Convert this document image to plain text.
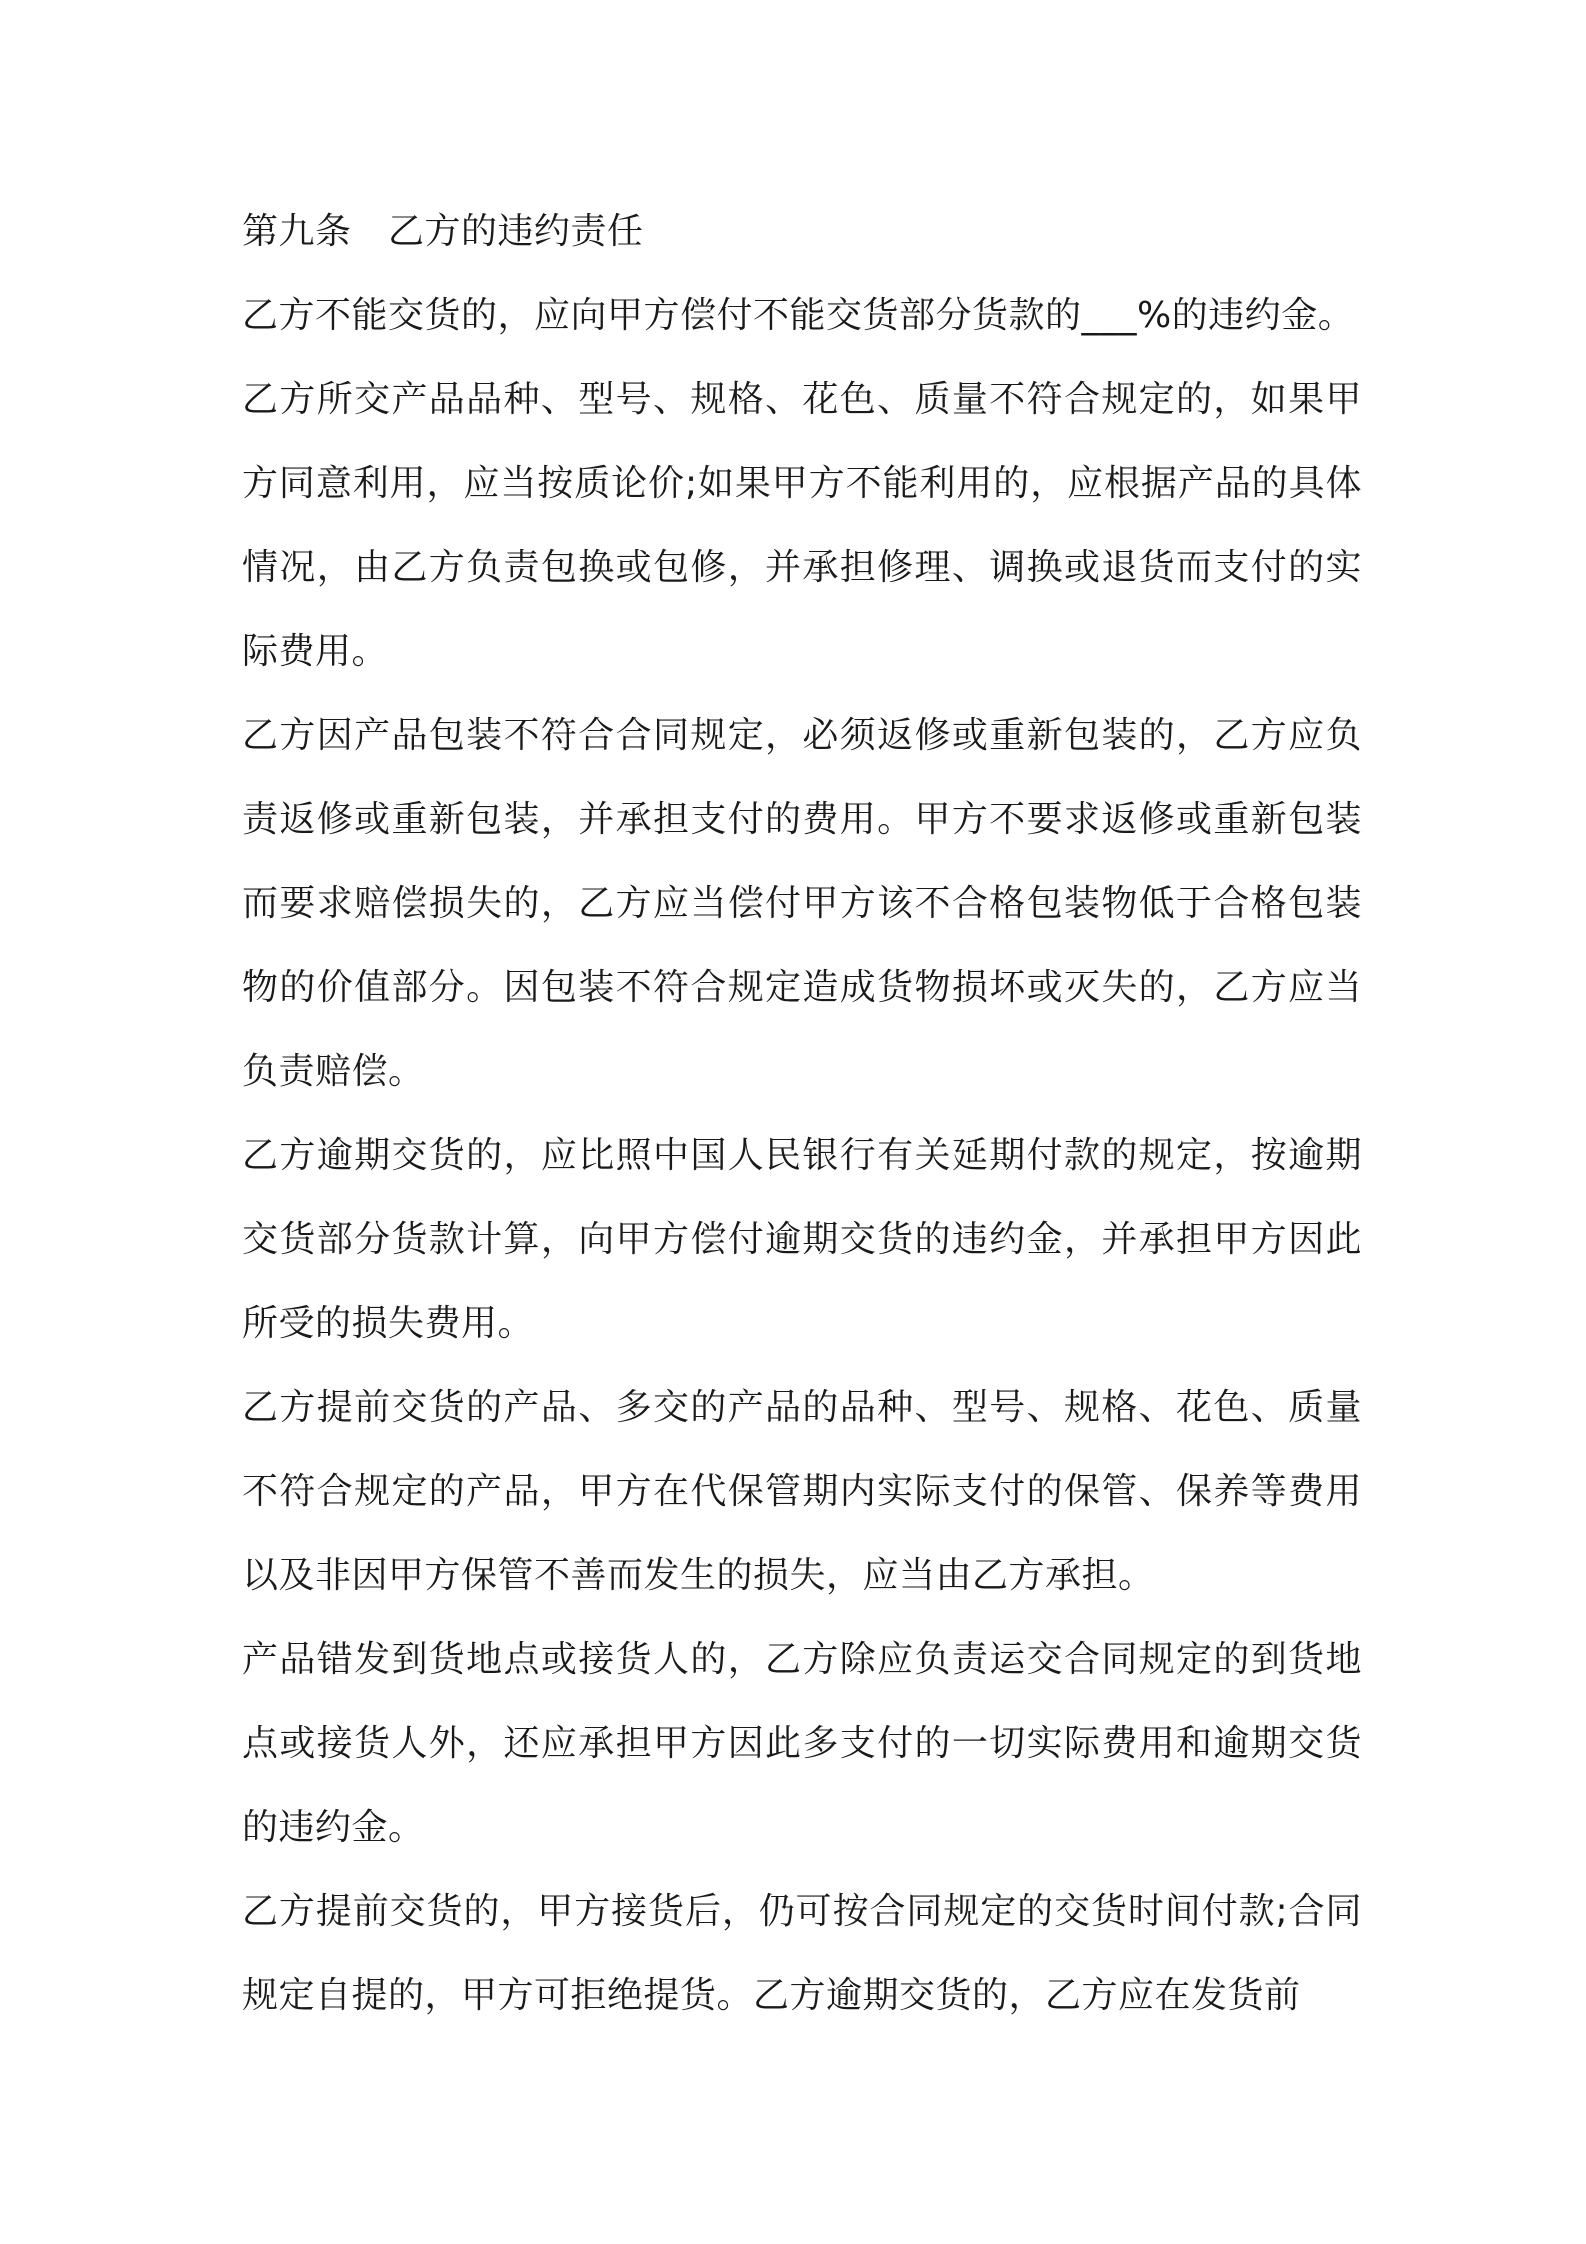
第九条　乙方的违约责任

乙方不能交货的，应向甲方偿付不能交货部分货款的___%的违约金。

乙方所交产品品种、型号、规格、花色、质量不符合规定的，如果甲方同意利用，应当按质论价;如果甲方不能利用的，应根据产品的具体情况，由乙方负责包换或包修，并承担修理、调换或退货而支付的实际费用。

乙方因产品包装不符合合同规定，必须返修或重新包装的，乙方应负责返修或重新包装，并承担支付的费用。甲方不要求返修或重新包装而要求赔偿损失的，乙方应当偿付甲方该不合格包装物低于合格包装物的价值部分。因包装不符合规定造成货物损坏或灭失的，乙方应当负责赔偿。

乙方逾期交货的，应比照中国人民银行有关延期付款的规定，按逾期交货部分货款计算，向甲方偿付逾期交货的违约金，并承担甲方因此所受的损失费用。

乙方提前交货的产品、多交的产品的品种、型号、规格、花色、质量不符合规定的产品，甲方在代保管期内实际支付的保管、保养等费用以及非因甲方保管不善而发生的损失，应当由乙方承担。

产品错发到货地点或接货人的，乙方除应负责运交合同规定的到货地点或接货人外，还应承担甲方因此多支付的一切实际费用和逾期交货的违约金。

乙方提前交货的，甲方接货后，仍可按合同规定的交货时间付款;合同规定自提的，甲方可拒绝提货。乙方逾期交货的，乙方应在发货前
